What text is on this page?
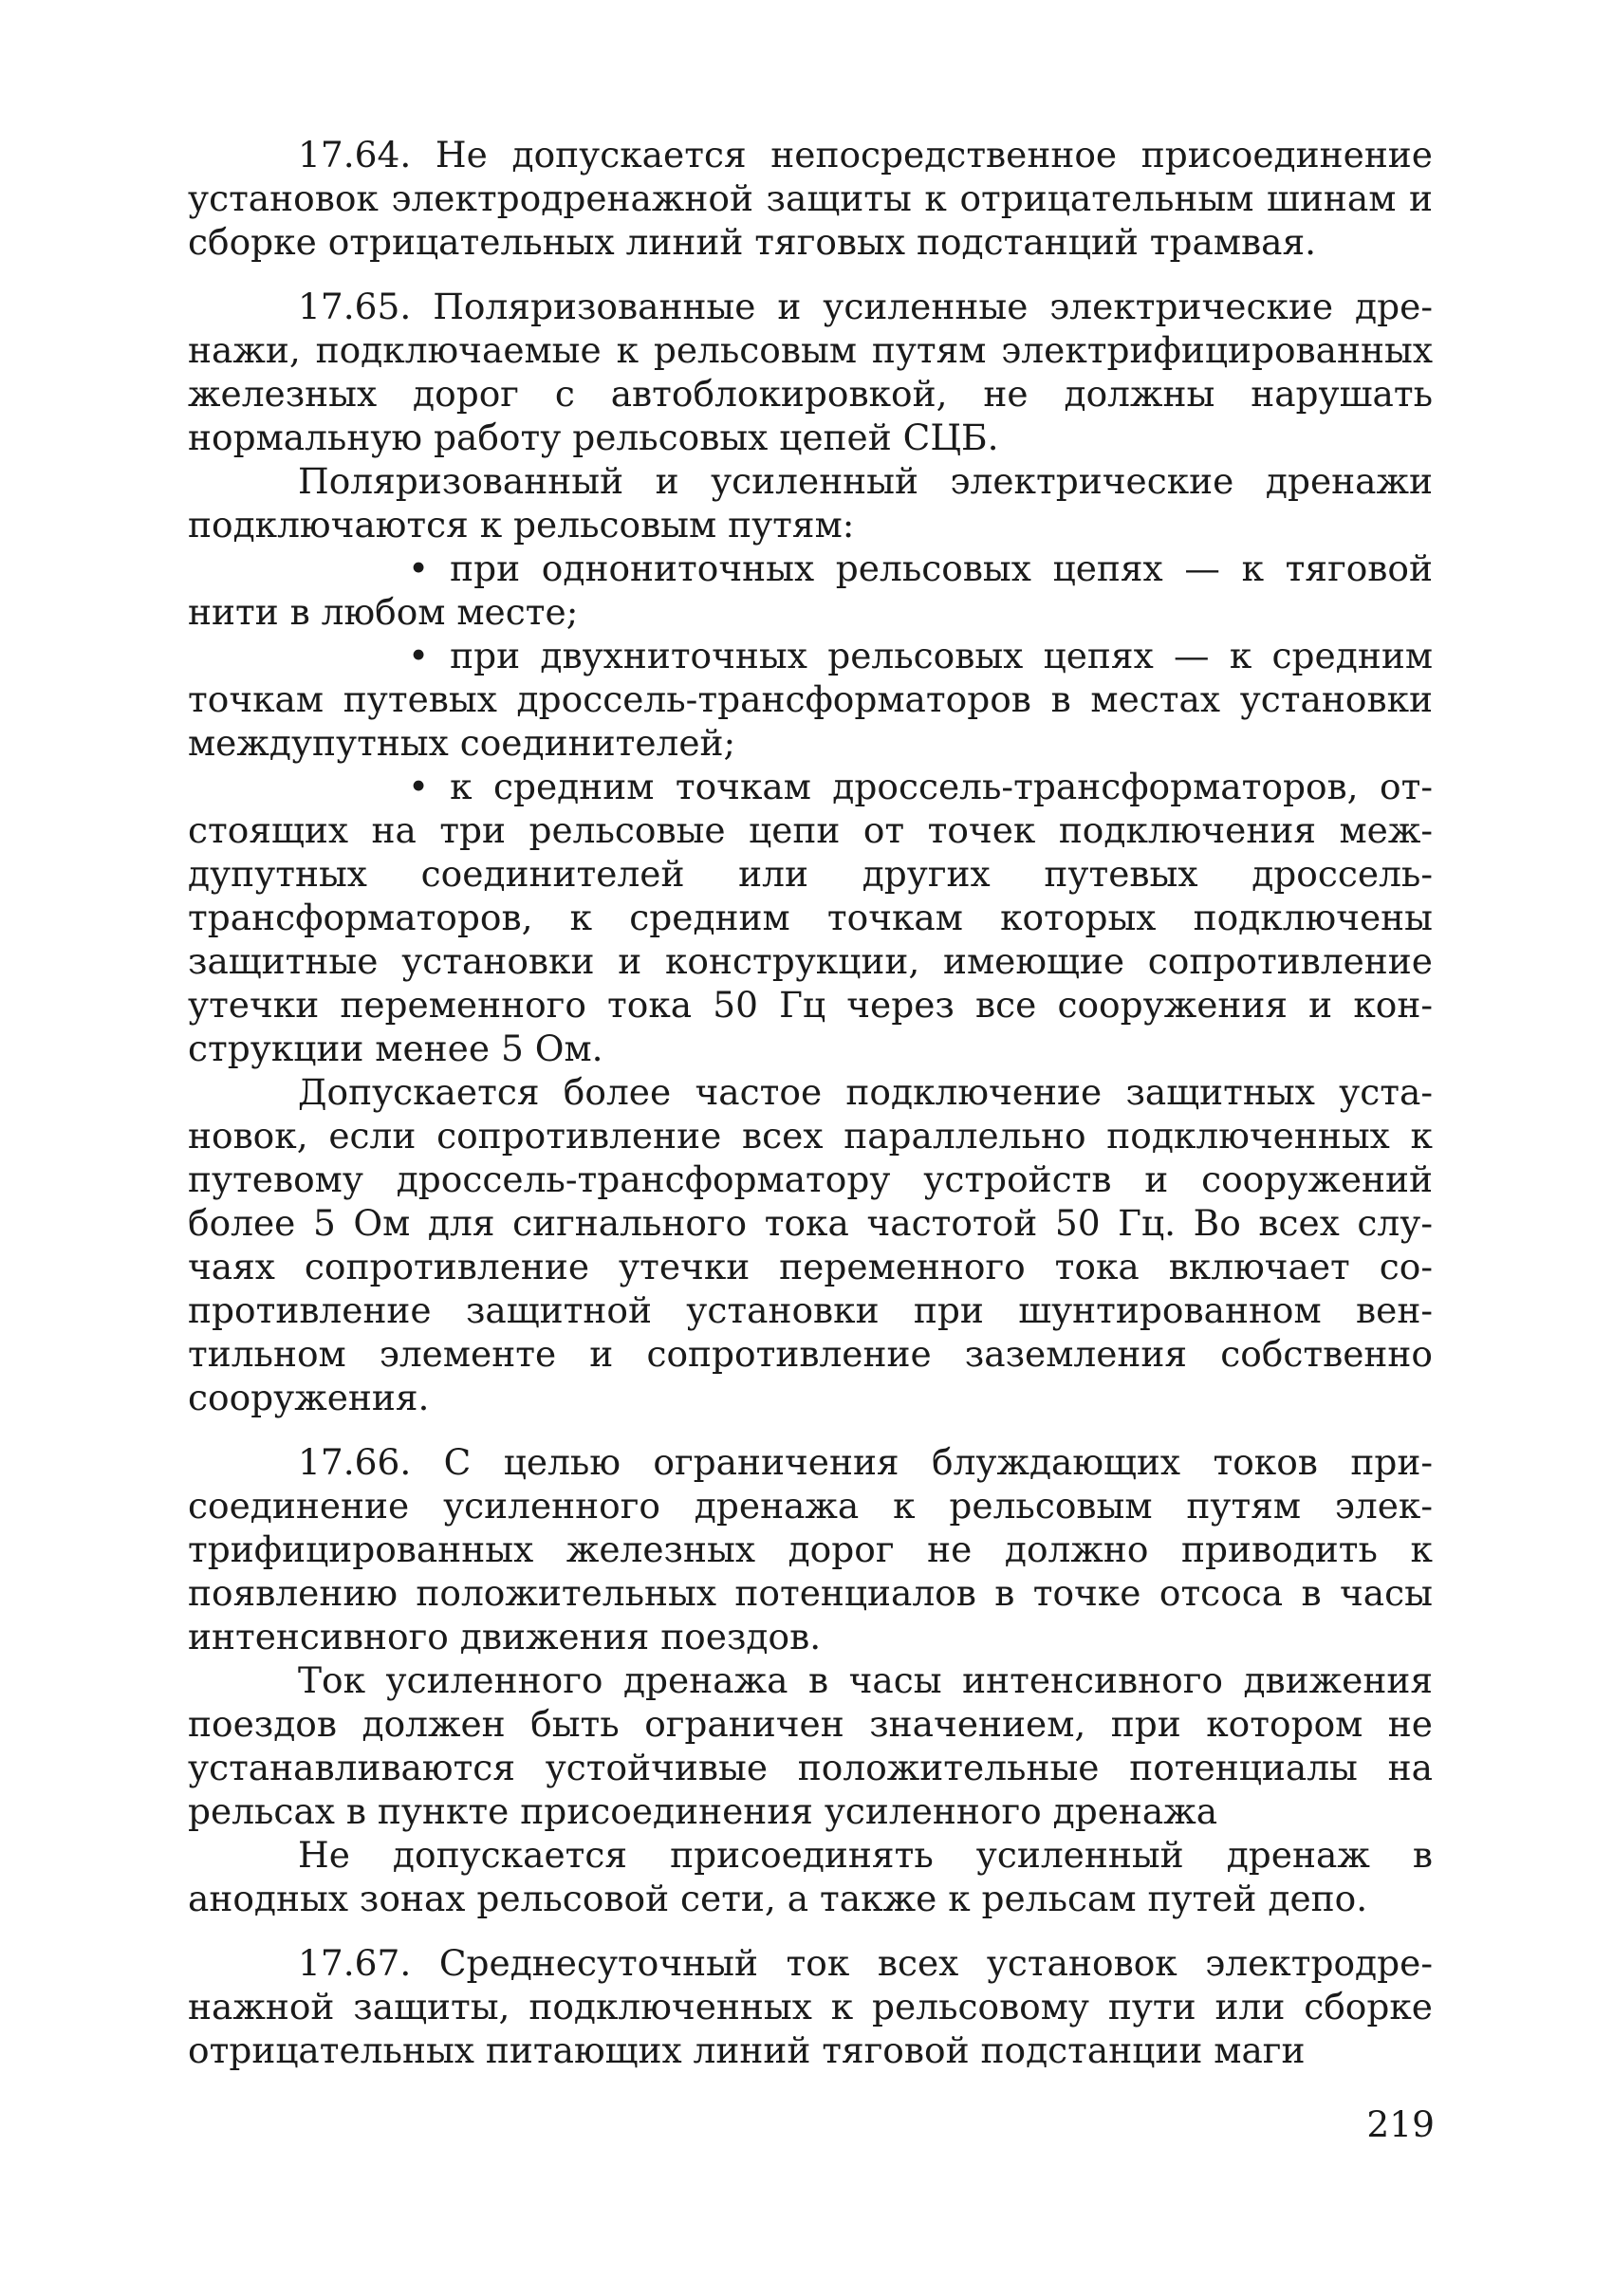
17.64. Не допускается непосредственное присоединение установок электродренажной защиты к отрицательным шинам и сборке отрицательных линий тяговых подстанций трамвая.

17.65. Поляризованные и усиленные электрические дренажи, подключаемые к рельсовым путям электрифицированных железных дорог с автоблокировкой, не должны нарушать нормальную работу рельсовых цепей СЦБ.

Поляризованный и усиленный электрические дренажи подключаются к рельсовым путям:

• при однониточных рельсовых цепях — к тяговой нити в любом месте;

• при двухниточных рельсовых цепях — к средним точкам путевых дроссель-трансформаторов в местах установки междупутных соединителей;

• к средним точкам дроссель-трансформаторов, отстоящих на три рельсовые цепи от точек подключения междупутных соединителей или других путевых дроссель-трансформаторов, к средним точкам которых подключены защитные установки и конструкции, имеющие сопротивление утечки переменного тока 50 Гц через все сооружения и конструкции менее 5 Ом.

Допускается более частое подключение защитных установок, если сопротивление всех параллельно подключенных к путевому дроссель-трансформатору устройств и сооружений более 5 Ом для сигнального тока частотой 50 Гц. Во всех случаях сопротивление утечки переменного тока включает сопротивление защитной установки при шунтированном вентильном элементе и сопротивление заземления собственно сооружения.

17.66. С целью ограничения блуждающих токов присоединение усиленного дренажа к рельсовым путям электрифицированных железных дорог не должно приводить к появлению положительных потенциалов в точке отсоса в часы интенсивного движения поездов.

Ток усиленного дренажа в часы интенсивного движения поездов должен быть ограничен значением, при котором не устанавливаются устойчивые положительные потенциалы на рельсах в пункте присоединения усиленного дренажа

Не допускается присоединять усиленный дренаж в анодных зонах рельсовой сети, а также к рельсам путей депо.

17.67. Среднесуточный ток всех установок электродренажной защиты, подключенных к рельсовому пути или сборке отрицательных питающих линий тяговой подстанции маги

219
